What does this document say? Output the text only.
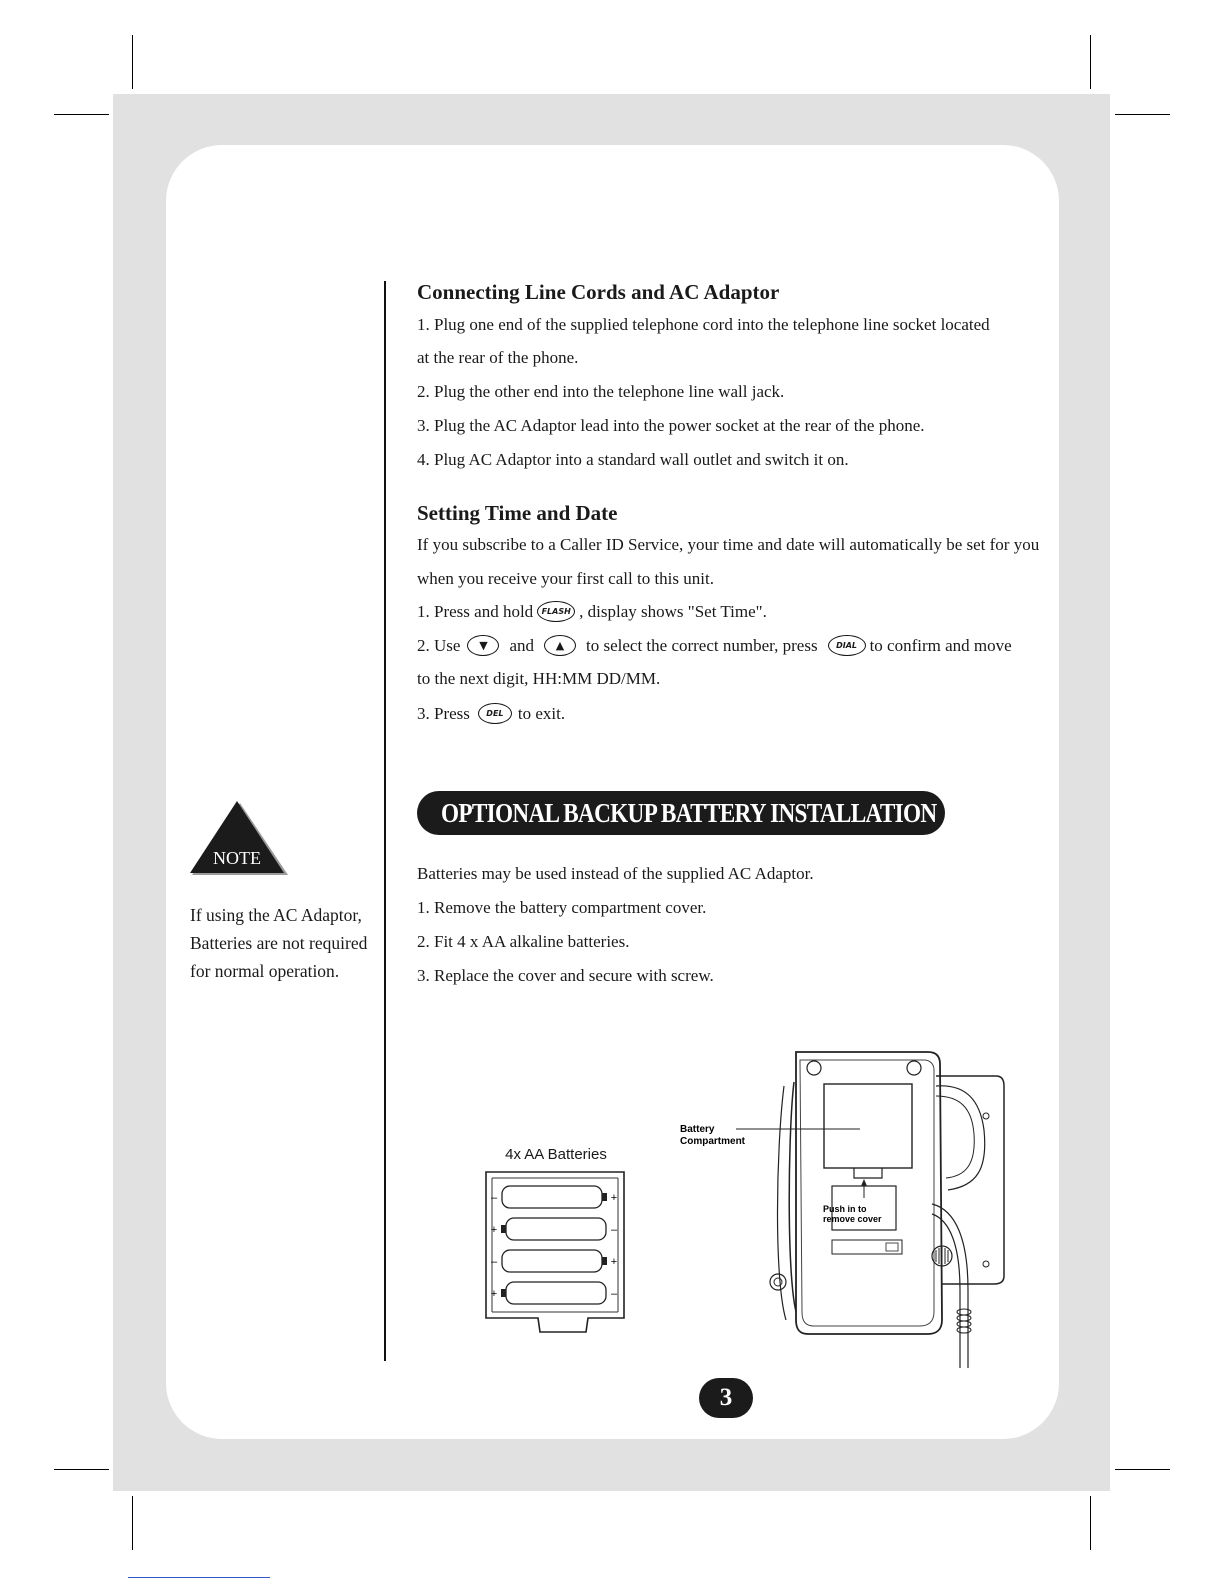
Connecting Line Cords and AC Adaptor

1. Plug one end of the supplied telephone cord into the telephone line socket located

at the rear of the phone.

2. Plug the other end into the telephone line wall jack.

3. Plug the AC Adaptor lead into the power socket at the rear of the phone.

4. Plug AC Adaptor into a standard wall outlet and switch it on.

Setting Time and Date

If you subscribe to a Caller ID Service, your time and date will automatically be set for you

when you receive your first call to this unit.

1. Press and hold	FLASH , display shows "Set Time".

2. Use	▼	and	▲	to select the correct number, press	DIAL to confirm and move

to the next digit, HH:MM DD/MM.

3. Press	DEL to exit.

OPTIONAL BACKUP BATTERY INSTALLATION

Batteries may be used instead of the supplied AC Adaptor.

1. Remove the battery compartment cover.

2. Fit 4 x AA alkaline batteries.

3. Replace the cover and secure with screw.

NOTE

If using the AC Adaptor, Batteries are not required for normal operation.

4x AA Batteries
–	+
+	–
–	+
+	–
Battery
Compartment
Push in to
remove cover
3
